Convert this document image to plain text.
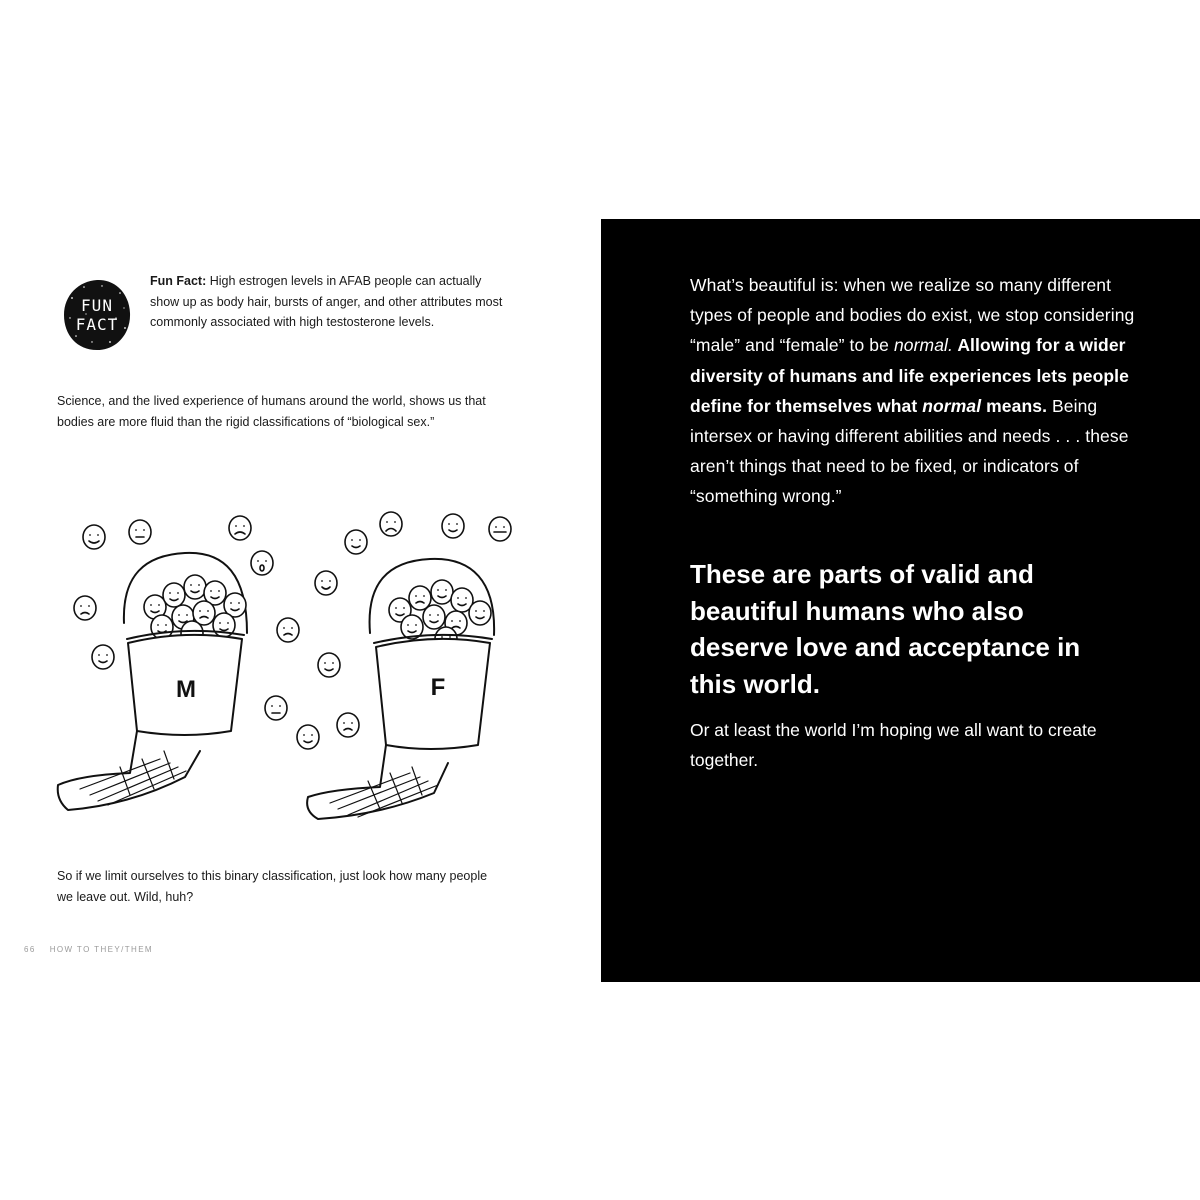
FUN
FACT
Fun Fact: High estrogen levels in AFAB people can actually show up as body hair, bursts of anger, and other attributes most commonly associated with high testosterone levels.
Science, and the lived experience of humans around the world, shows us that bodies are more fluid than the rigid classifications of “biological sex.”
M	F
So if we limit ourselves to this binary classification, just look how many people we leave out. Wild, huh?
66 HOW TO THEY/THEM
What’s beautiful is: when we realize so many different types of people and bodies do exist, we stop considering “male” and “female” to be normal. Allowing for a wider diversity of humans and life experiences lets people define for themselves what normal means. Being intersex or having different abilities and needs . . . these aren’t things that need to be fixed, or indicators of “something wrong.”
These are parts of valid and beautiful humans who also deserve love and acceptance in this world.
Or at least the world I’m hoping we all want to create together.
